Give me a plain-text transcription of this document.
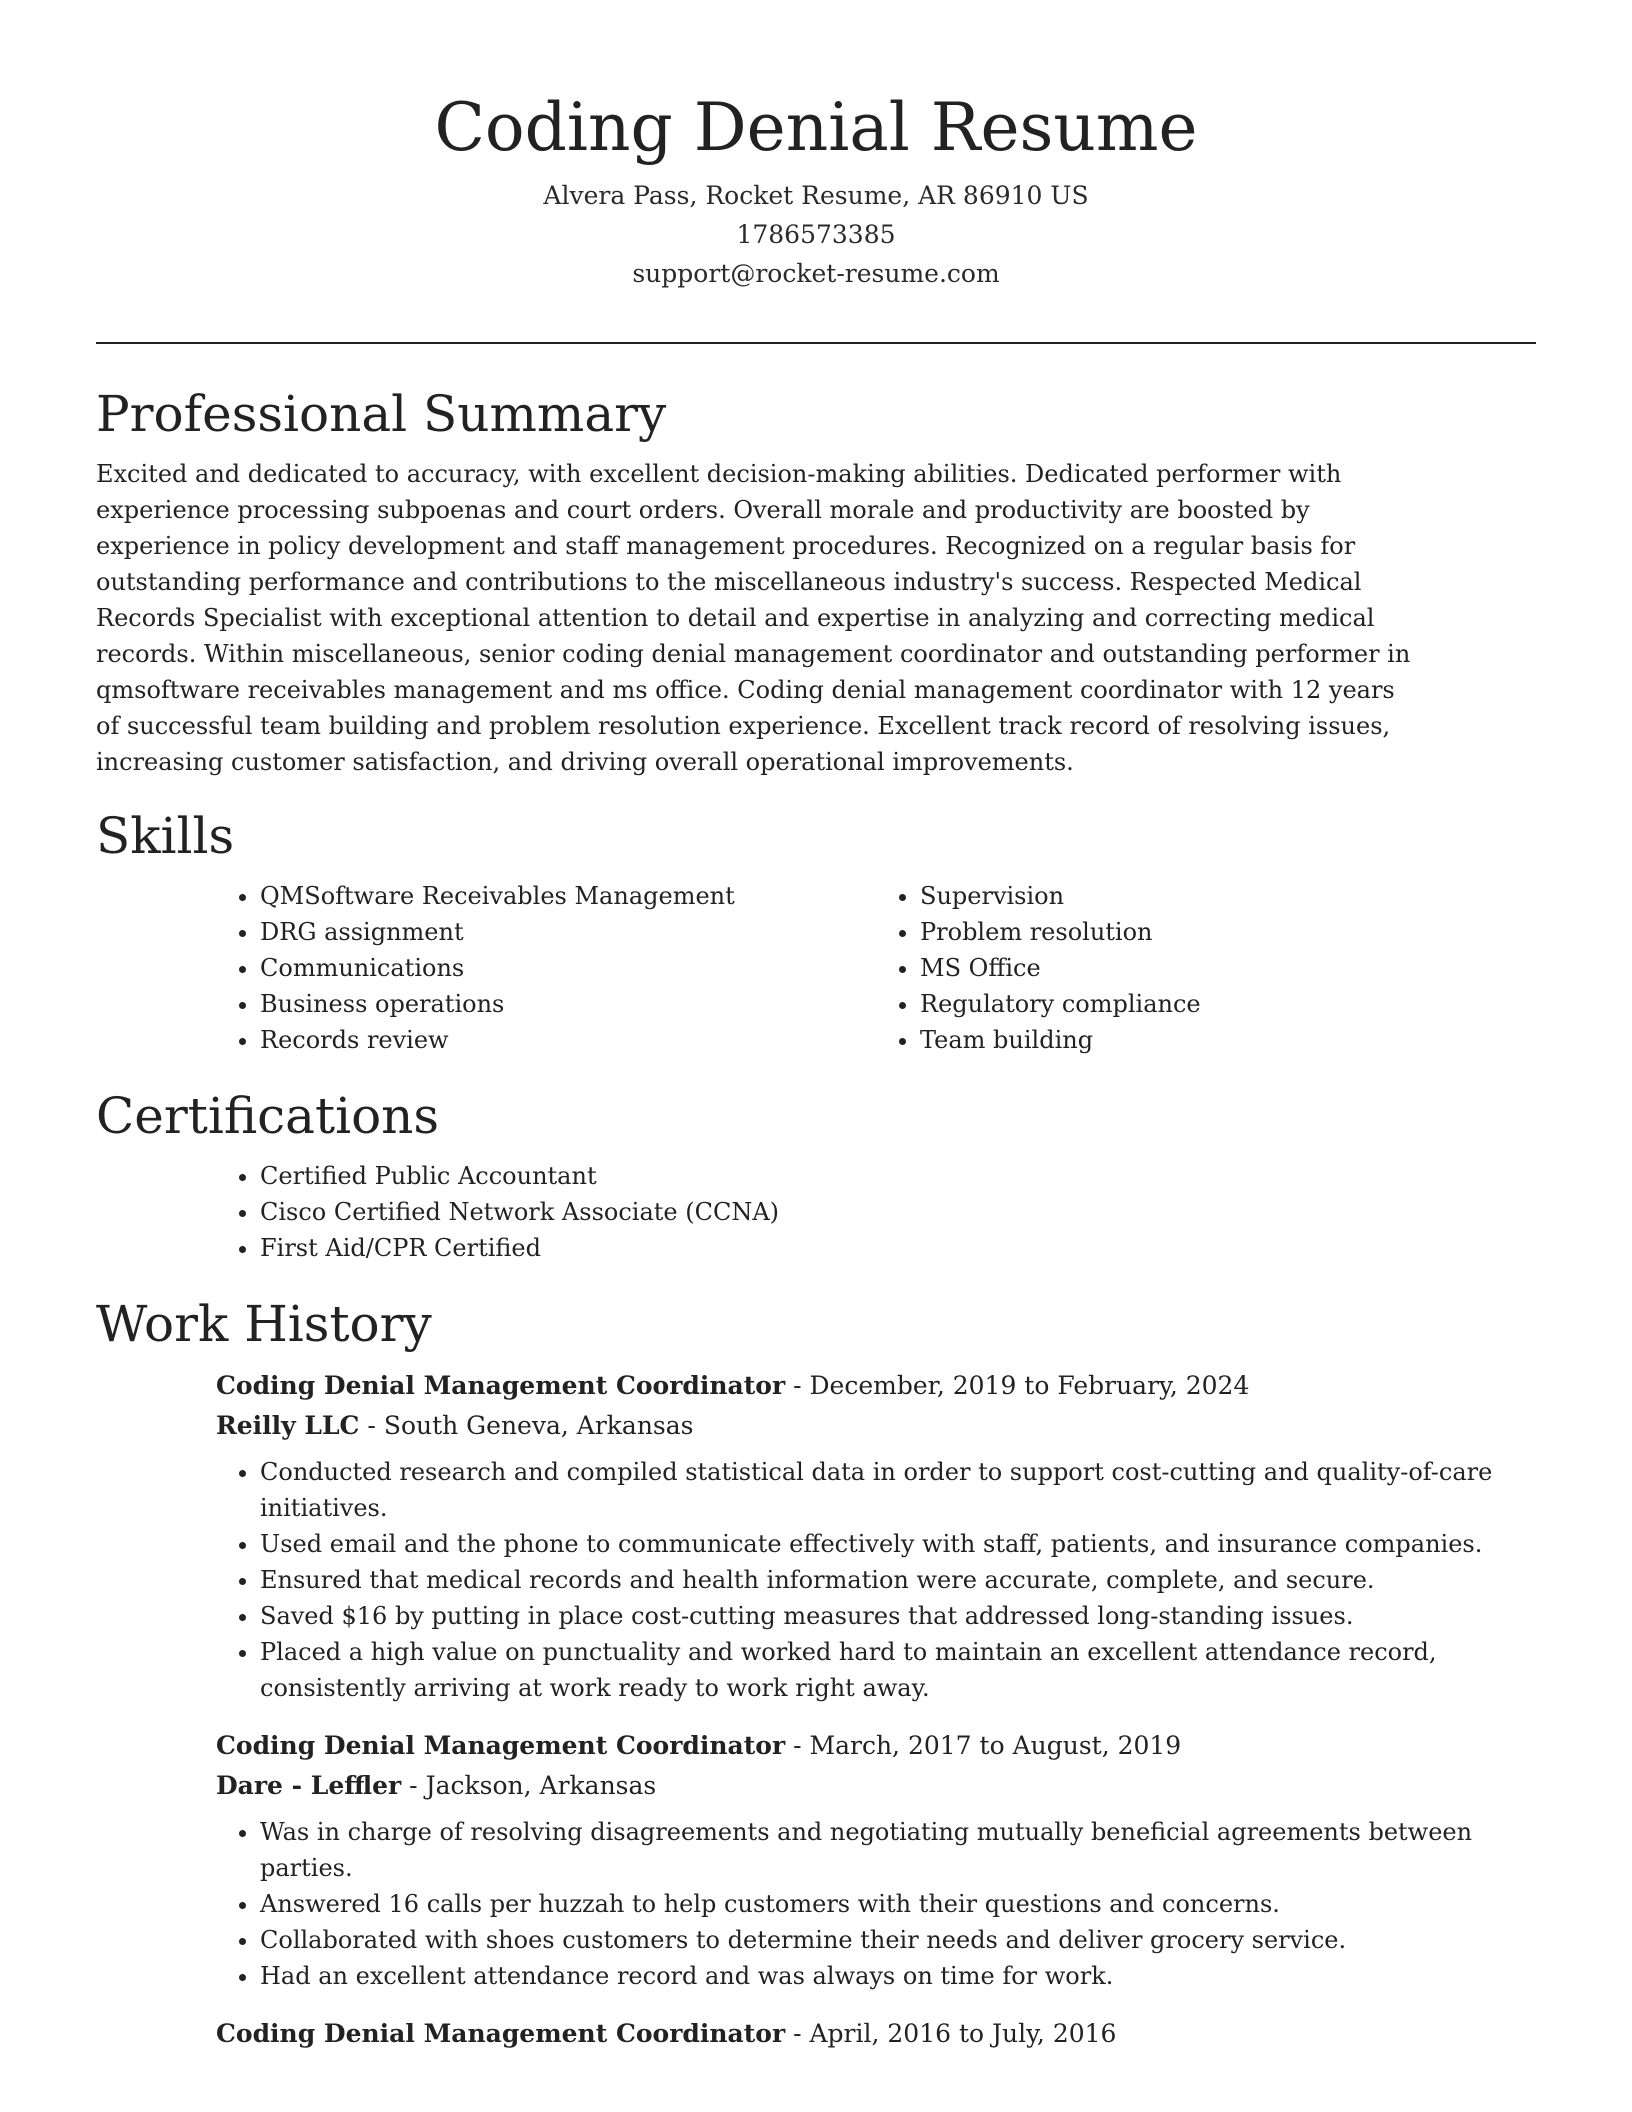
Coding Denial Resume
Alvera Pass, Rocket Resume, AR 86910 US
1786573385
support@rocket-resume.com
Professional Summary

Excited and dedicated to accuracy, with excellent decision-making abilities. Dedicated performer with experience processing subpoenas and court orders. Overall morale and productivity are boosted by experience in policy development and staff management procedures. Recognized on a regular basis for outstanding performance and contributions to the miscellaneous industry's success. Respected Medical Records Specialist with exceptional attention to detail and expertise in analyzing and correcting medical records. Within miscellaneous, senior coding denial management coordinator and outstanding performer in qmsoftware receivables management and ms office. Coding denial management coordinator with 12 years of successful team building and problem resolution experience. Excellent track record of resolving issues, increasing customer satisfaction, and driving overall operational improvements.

Skills
• QMSoftware Receivables Management
• DRG assignment
• Communications
• Business operations
• Records review
• Supervision
• Problem resolution
• MS Office
• Regulatory compliance
• Team building
Certifications
• Certified Public Accountant
• Cisco Certified Network Associate (CCNA)
• First Aid/CPR Certified
Work History
Coding Denial Management Coordinator - December, 2019 to February, 2024
Reilly LLC - South Geneva, Arkansas
• Conducted research and compiled statistical data in order to support cost-cutting and quality-of-care initiatives.
• Used email and the phone to communicate effectively with staff, patients, and insurance companies.
• Ensured that medical records and health information were accurate, complete, and secure.
• Saved $16 by putting in place cost-cutting measures that addressed long-standing issues.
• Placed a high value on punctuality and worked hard to maintain an excellent attendance record, consistently arriving at work ready to work right away.
Coding Denial Management Coordinator - March, 2017 to August, 2019
Dare - Leffler - Jackson, Arkansas
• Was in charge of resolving disagreements and negotiating mutually beneficial agreements between parties.
• Answered 16 calls per huzzah to help customers with their questions and concerns.
• Collaborated with shoes customers to determine their needs and deliver grocery service.
• Had an excellent attendance record and was always on time for work.
Coding Denial Management Coordinator - April, 2016 to July, 2016
